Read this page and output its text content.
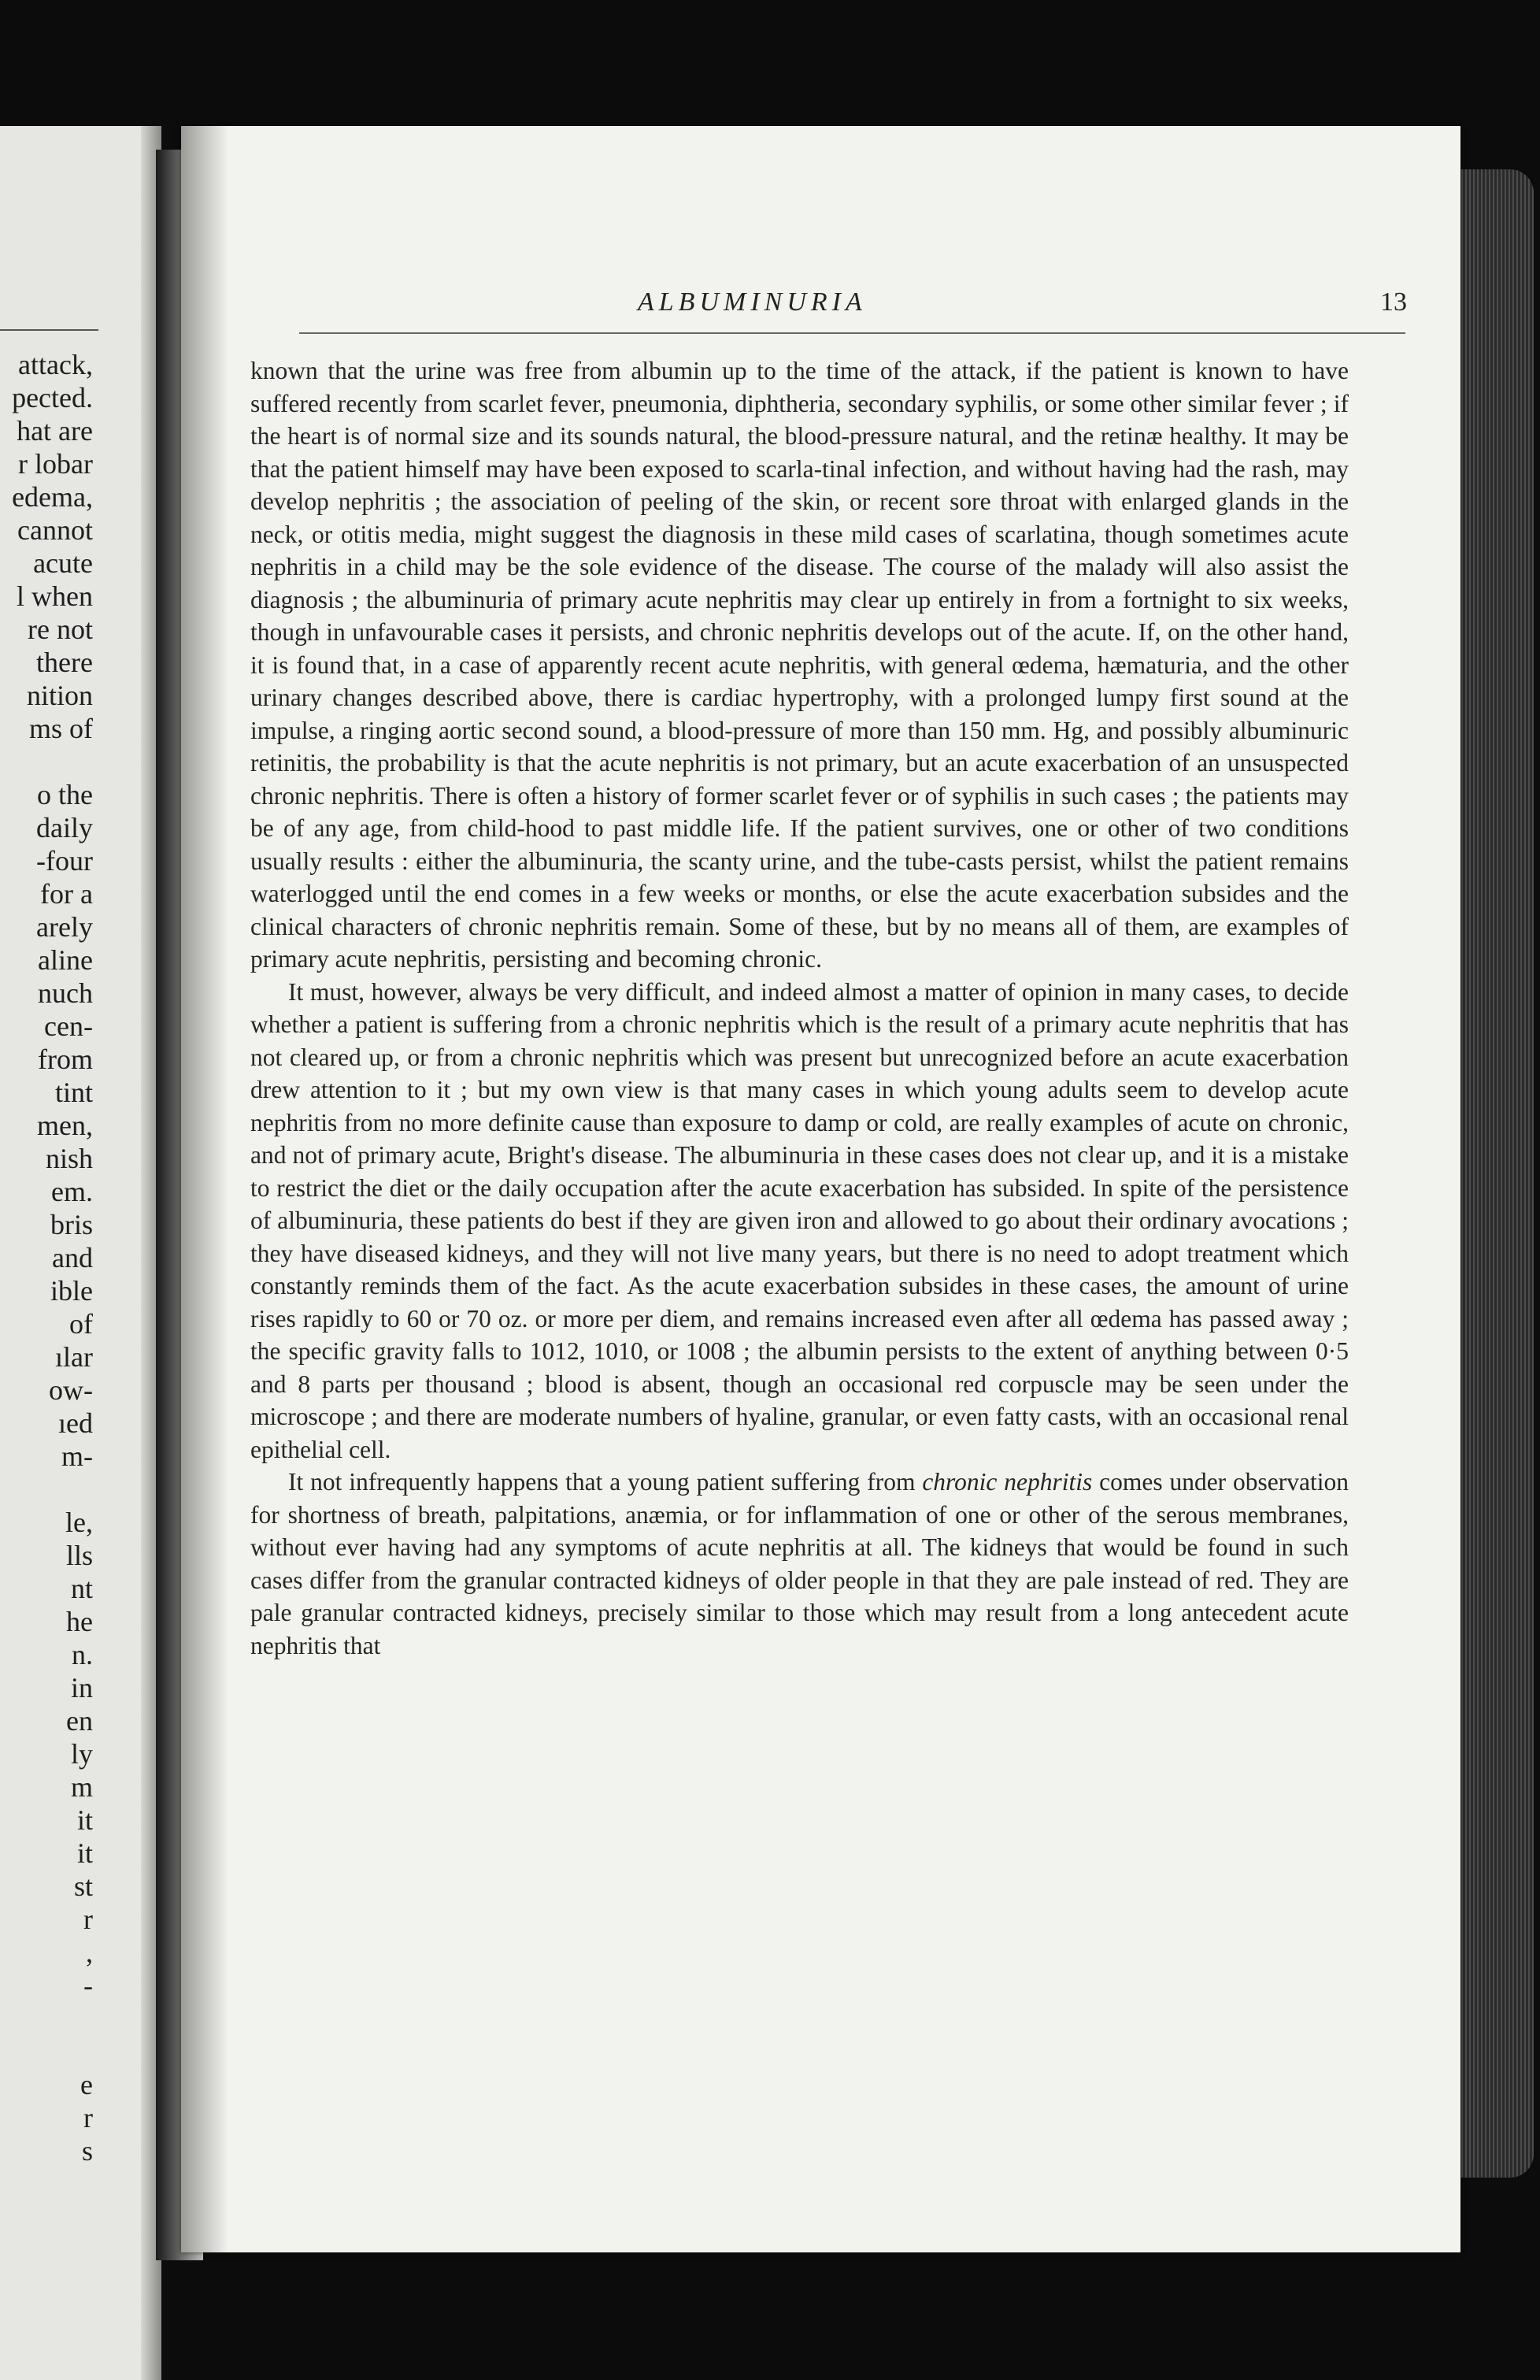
attack,
pected.
hat are
r lobar
edema,
cannot
acute
l when
re not
there
nition
ms of
o the
daily
-four
for a
arely
aline
nuch
cen-
from
tint
men,
nish
em.
bris
and
ible
of
ılar
ow-
ıed
m-
le,
lls
nt
he
n.
in
en
ly
m
it
it
st
r
,
-
e
r
s
ALBUMINURIA	13

known that the urine was free from albumin up to the time of the attack, if the patient is known to have suffered recently from scarlet fever, pneumonia, diphtheria, secondary syphilis, or some other similar fever ; if the heart is of normal size and its sounds natural, the blood-pressure natural, and the retinæ healthy. It may be that the patient himself may have been exposed to scarla-tinal infection, and without having had the rash, may develop nephritis ; the association of peeling of the skin, or recent sore throat with enlarged glands in the neck, or otitis media, might suggest the diagnosis in these mild cases of scarlatina, though sometimes acute nephritis in a child may be the sole evidence of the disease. The course of the malady will also assist the diagnosis ; the albuminuria of primary acute nephritis may clear up entirely in from a fortnight to six weeks, though in unfavourable cases it persists, and chronic nephritis develops out of the acute. If, on the other hand, it is found that, in a case of apparently recent acute nephritis, with general œdema, hæmaturia, and the other urinary changes described above, there is cardiac hypertrophy, with a prolonged lumpy first sound at the impulse, a ringing aortic second sound, a blood-pressure of more than 150 mm. Hg, and possibly albuminuric retinitis, the probability is that the acute nephritis is not primary, but an acute exacerbation of an unsuspected chronic nephritis. There is often a history of former scarlet fever or of syphilis in such cases ; the patients may be of any age, from child-hood to past middle life. If the patient survives, one or other of two conditions usually results : either the albuminuria, the scanty urine, and the tube-casts persist, whilst the patient remains waterlogged until the end comes in a few weeks or months, or else the acute exacerbation subsides and the clinical characters of chronic nephritis remain. Some of these, but by no means all of them, are examples of primary acute nephritis, persisting and becoming chronic.

It must, however, always be very difficult, and indeed almost a matter of opinion in many cases, to decide whether a patient is suffering from a chronic nephritis which is the result of a primary acute nephritis that has not cleared up, or from a chronic nephritis which was present but unrecognized before an acute exacerbation drew attention to it ; but my own view is that many cases in which young adults seem to develop acute nephritis from no more definite cause than exposure to damp or cold, are really examples of acute on chronic, and not of primary acute, Bright's disease. The albuminuria in these cases does not clear up, and it is a mistake to restrict the diet or the daily occupation after the acute exacerbation has subsided. In spite of the persistence of albuminuria, these patients do best if they are given iron and allowed to go about their ordinary avocations ; they have diseased kidneys, and they will not live many years, but there is no need to adopt treatment which constantly reminds them of the fact. As the acute exacerbation subsides in these cases, the amount of urine rises rapidly to 60 or 70 oz. or more per diem, and remains increased even after all œdema has passed away ; the specific gravity falls to 1012, 1010, or 1008 ; the albumin persists to the extent of anything between 0·5 and 8 parts per thousand ; blood is absent, though an occasional red corpuscle may be seen under the microscope ; and there are moderate numbers of hyaline, granular, or even fatty casts, with an occasional renal epithelial cell.

It not infrequently happens that a young patient suffering from chronic nephritis comes under observation for shortness of breath, palpitations, anæmia, or for inflammation of one or other of the serous membranes, without ever having had any symptoms of acute nephritis at all. The kidneys that would be found in such cases differ from the granular contracted kidneys of older people in that they are pale instead of red. They are pale granular contracted kidneys, precisely similar to those which may result from a long antecedent acute nephritis that
